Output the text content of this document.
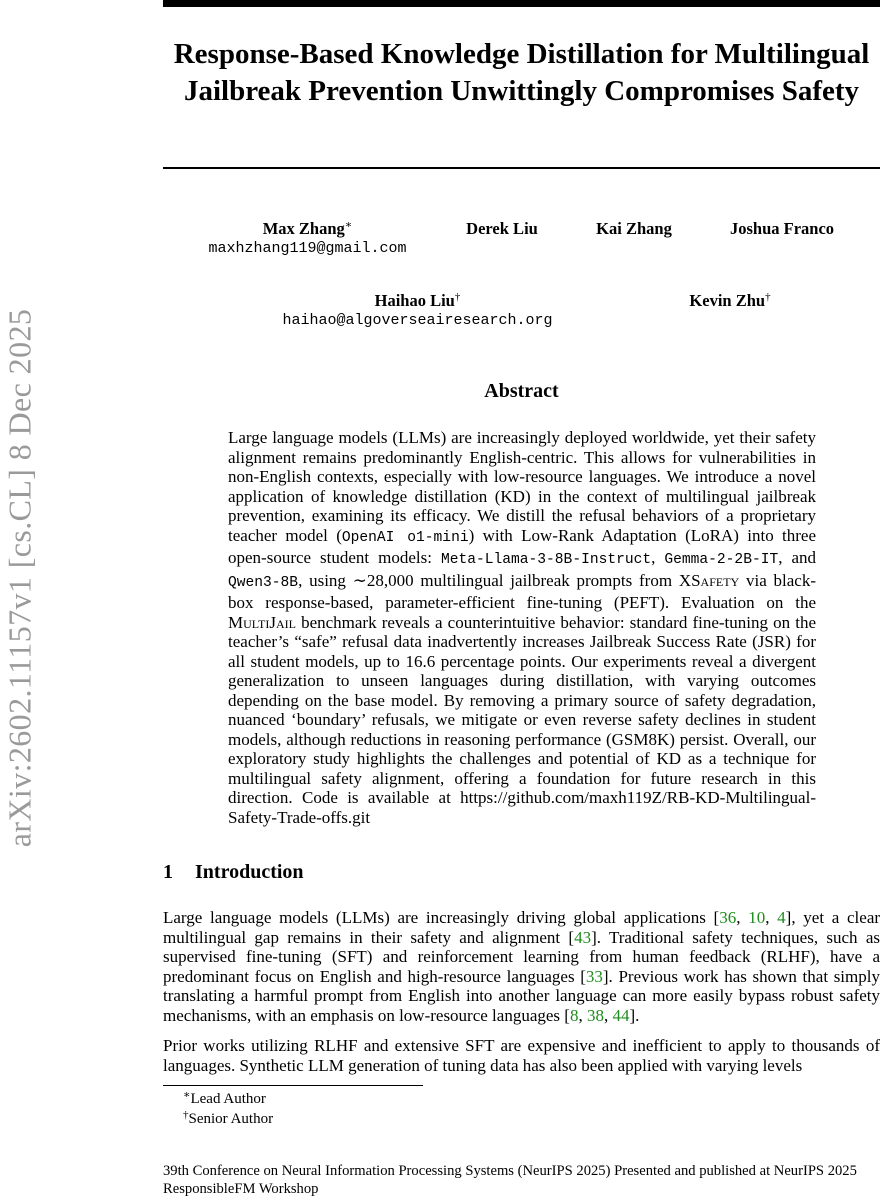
arXiv:2602.11157v1 [cs.CL] 8 Dec 2025
Response-Based Knowledge Distillation for Multilingual Jailbreak Prevention Unwittingly Compromises Safety
Max Zhang∗
maxhzhang119@gmail.com
Derek Liu	Kai Zhang	Joshua Franco
Haihao Liu†
haihao@algoverseairesearch.org
Kevin Zhu†
Abstract
Large language models (LLMs) are increasingly deployed worldwide, yet their safety alignment remains predominantly English-centric. This allows for vulnerabilities in non-English contexts, especially with low-resource languages. We introduce a novel application of knowledge distillation (KD) in the context of multilingual jailbreak prevention, examining its efficacy. We distill the refusal behaviors of a proprietary teacher model (OpenAI o1-mini) with Low-Rank Adaptation (LoRA) into three open-source student models: Meta-Llama-3-8B-Instruct, Gemma-2-2B-IT, and Qwen3-8B, using ∼28,000 multilingual jailbreak prompts from XSafety via black-box response-based, parameter-efficient fine-tuning (PEFT). Evaluation on the MultiJail benchmark reveals a counterintuitive behavior: standard fine-tuning on the teacher’s “safe” refusal data inadvertently increases Jailbreak Success Rate (JSR) for all student models, up to 16.6 percentage points. Our experiments reveal a divergent generalization to unseen languages during distillation, with varying outcomes depending on the base model. By removing a primary source of safety degradation, nuanced ‘boundary’ refusals, we mitigate or even reverse safety declines in student models, although reductions in reasoning performance (GSM8K) persist. Overall, our exploratory study highlights the challenges and potential of KD as a technique for multilingual safety alignment, offering a foundation for future research in this direction. Code is available at https://github.com/maxh119Z/RB-KD-Multilingual-Safety-Trade-offs.git
1 Introduction
Large language models (LLMs) are increasingly driving global applications [36, 10, 4], yet a clear multilingual gap remains in their safety and alignment [43]. Traditional safety techniques, such as supervised fine-tuning (SFT) and reinforcement learning from human feedback (RLHF), have a predominant focus on English and high-resource languages [33]. Previous work has shown that simply translating a harmful prompt from English into another language can more easily bypass robust safety mechanisms, with an emphasis on low-resource languages [8, 38, 44].
Prior works utilizing RLHF and extensive SFT are expensive and inefficient to apply to thousands of languages. Synthetic LLM generation of tuning data has also been applied with varying levels
∗Lead Author
†Senior Author
39th Conference on Neural Information Processing Systems (NeurIPS 2025) Presented and published at NeurIPS 2025 ResponsibleFM Workshop
